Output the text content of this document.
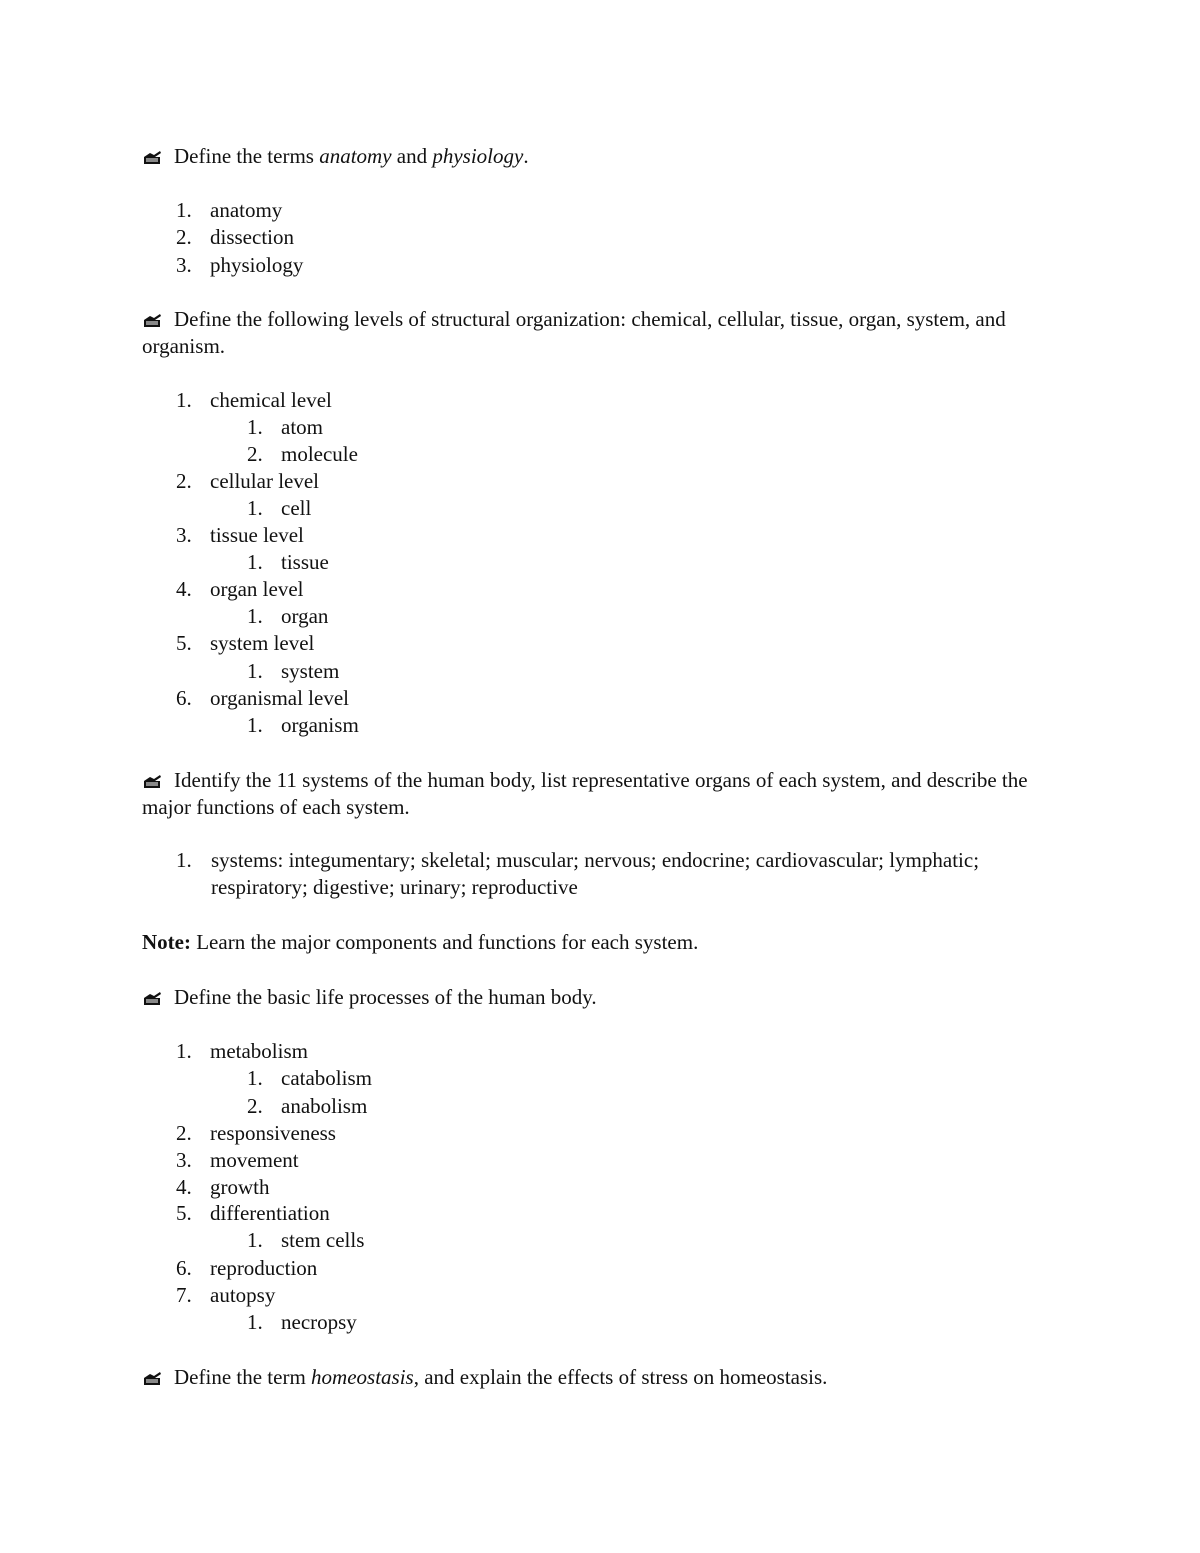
Define the terms anatomy and physiology.
1. anatomy
2. dissection
3. physiology
Define the following levels of structural organization: chemical, cellular, tissue, organ, system, and organism.
1. chemical level
1. atom
2. molecule
2. cellular level
1. cell
3. tissue level
1. tissue
4. organ level
1. organ
5. system level
1. system
6. organismal level
1. organism
Identify the 11 systems of the human body, list representative organs of each system, and describe the major functions of each system.
1. systems: integumentary; skeletal; muscular; nervous; endocrine; cardiovascular; lymphatic; respiratory; digestive; urinary; reproductive
Note: Learn the major components and functions for each system.
Define the basic life processes of the human body.
1. metabolism
1. catabolism
2. anabolism
2. responsiveness
3. movement
4. growth
5. differentiation
1. stem cells
6. reproduction
7. autopsy
1. necropsy
Define the term homeostasis, and explain the effects of stress on homeostasis.
